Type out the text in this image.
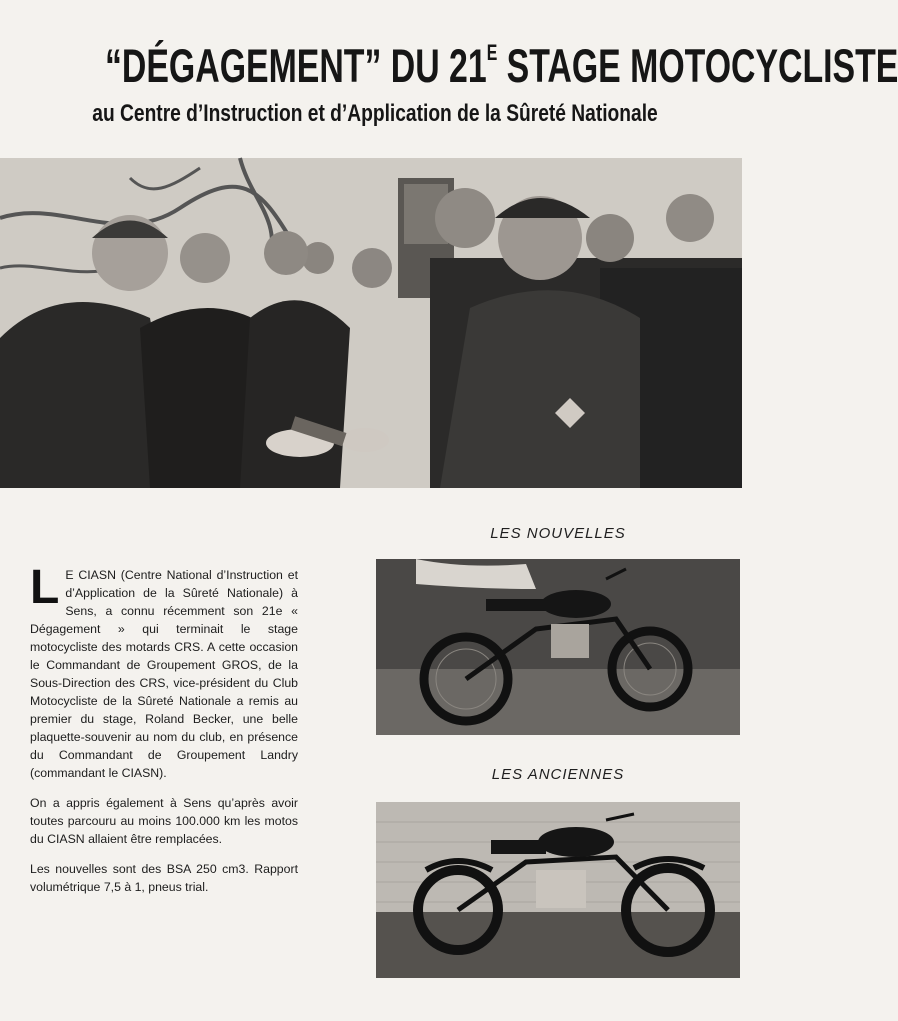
“DÉGAGEMENT” DU $21^E$ STAGE MOTOCYCLISTE
au Centre d’Instruction et d’Application de la Sûreté Nationale
LES NOUVELLES
LES ANCIENNES

L E CIASN (Centre National d’Instruction et d’Application de la Sûreté Nationale) à Sens, a connu récemment son 21e « Dégagement » qui terminait le stage motocycliste des motards CRS. A cette occasion le Commandant de Groupement GROS, de la Sous-Direction des CRS, vice-président du Club Motocycliste de la Sûreté Nationale a remis au premier du stage, Roland Becker, une belle plaquette-souvenir au nom du club, en présence du Commandant de Groupement Landry (commandant le CIASN).

On a appris également à Sens qu’après avoir toutes parcouru au moins 100.000 km les motos du CIASN allaient être remplacées.

Les nouvelles sont des BSA 250 cm3. Rapport volumétrique 7,5 à 1, pneus trial.
